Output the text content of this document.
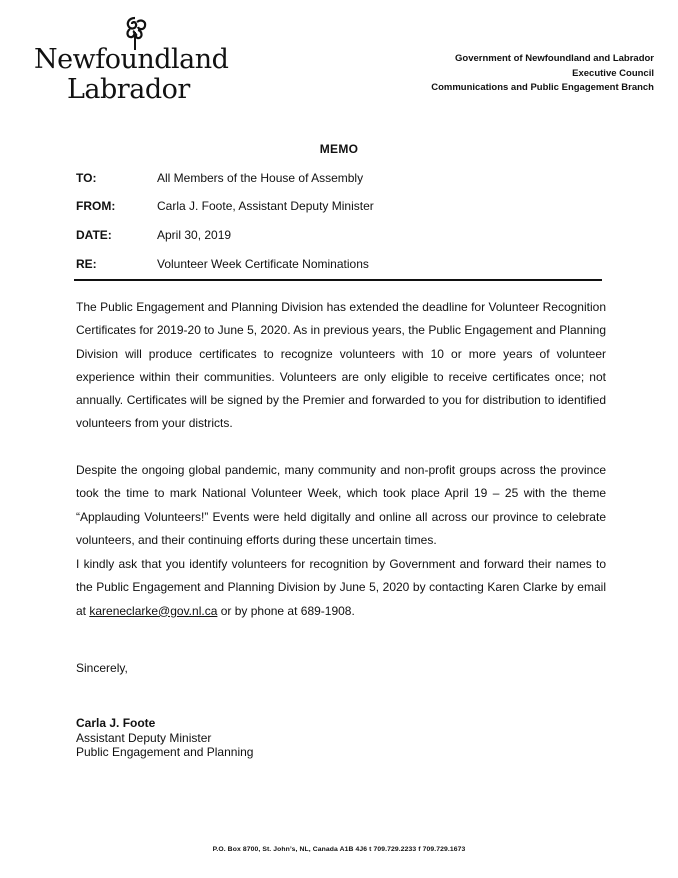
Newfoundland
Labrador
Government of Newfoundland and Labrador
Executive Council
Communications and Public Engagement Branch
MEMO
TO:	All Members of the House of Assembly
FROM:	Carla J. Foote, Assistant Deputy Minister
DATE:	April 30, 2019
RE:	Volunteer Week Certificate Nominations
The Public Engagement and Planning Division has extended the deadline for Volunteer Recognition Certificates for 2019-20 to June 5, 2020. As in previous years, the Public Engagement and Planning Division will produce certificates to recognize volunteers with 10 or more years of volunteer experience within their communities. Volunteers are only eligible to receive certificates once; not annually. Certificates will be signed by the Premier and forwarded to you for distribution to identified volunteers from your districts.
Despite the ongoing global pandemic, many community and non-profit groups across the province took the time to mark National Volunteer Week, which took place April 19 – 25 with the theme “Applauding Volunteers!” Events were held digitally and online all across our province to celebrate volunteers, and their continuing efforts during these uncertain times.
I kindly ask that you identify volunteers for recognition by Government and forward their names to the Public Engagement and Planning Division by June 5, 2020 by contacting Karen Clarke by email at kareneclarke@gov.nl.ca or by phone at 689-1908.
Sincerely,
Carla J. Foote
Assistant Deputy Minister
Public Engagement and Planning
P.O. Box 8700, St. John’s, NL, Canada A1B 4J6 t 709.729.2233 f 709.729.1673
